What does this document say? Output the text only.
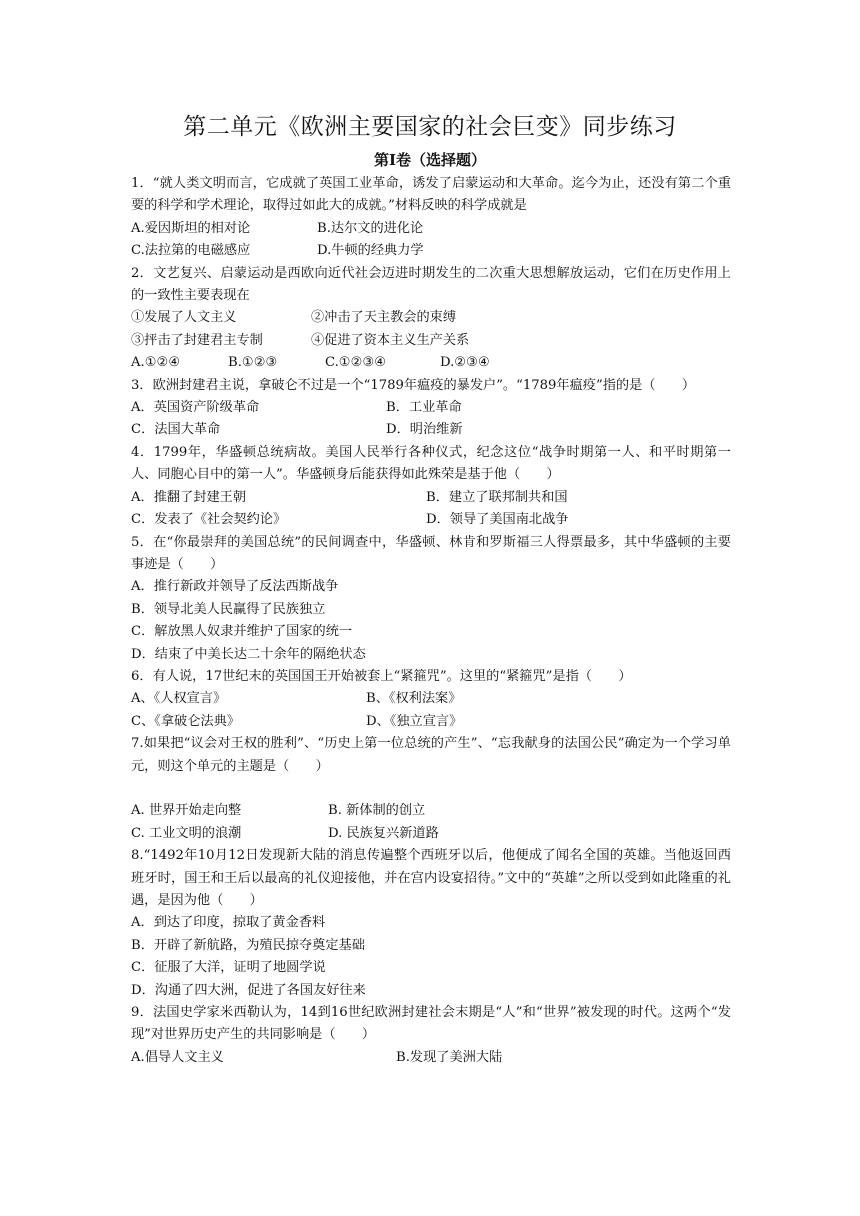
第二单元《欧洲主要国家的社会巨变》同步练习
第Ⅰ卷（选择题）

1．“就人类文明而言，它成就了英国工业革命，诱发了启蒙运动和大革命。迄今为止，还没有第二个重要的科学和学术理论，取得过如此大的成就。”材料反映的科学成就是

A.爱因斯坦的相对论	B.达尔文的进化论
C.法拉第的电磁感应	D.牛顿的经典力学

2．文艺复兴、启蒙运动是西欧向近代社会迈进时期发生的二次重大思想解放运动，它们在历史作用上的一致性主要表现在

①发展了人文主义	②冲击了天主教会的束缚
③抨击了封建君主专制	④促进了资本主义生产关系
A.①②④	B.①②③	C.①②③④	D.②③④

3．欧洲封建君主说，拿破仑不过是一个“1789年瘟疫的暴发户”。“1789年瘟疫”指的是（　　）

A．英国资产阶级革命	B．工业革命
C．法国大革命	D．明治维新

4．1799年，华盛顿总统病故。美国人民举行各种仪式，纪念这位“战争时期第一人、和平时期第一人、同胞心目中的第一人”。华盛顿身后能获得如此殊荣是基于他（　　）

A．推翻了封建王朝	B．建立了联邦制共和国
C．发表了《社会契约论》	D．领导了美国南北战争

5．在“你最崇拜的美国总统”的民间调查中，华盛顿、林肯和罗斯福三人得票最多，其中华盛顿的主要事迹是（　　）

A．推行新政并领导了反法西斯战争
B．领导北美人民赢得了民族独立
C．解放黑人奴隶并维护了国家的统一
D．结束了中美长达二十余年的隔绝状态

6．有人说，17世纪末的英国国王开始被套上“紧箍咒”。这里的“紧箍咒”是指（　　）

A、《人权宣言》	B、《权利法案》
C、《拿破仑法典》	D、《独立宣言》

7.如果把“议会对王权的胜利”、“历史上第一位总统的产生”、“忘我献身的法国公民”确定为一个学习单元，则这个单元的主题是（　　）

A. 世界开始走向整	B. 新体制的创立
C. 工业文明的浪潮	D. 民族复兴新道路

8.“1492年10月12日发现新大陆的消息传遍整个西班牙以后，他便成了闻名全国的英雄。当他返回西班牙时，国王和王后以最高的礼仪迎接他，并在宫内设宴招待。”文中的“英雄”之所以受到如此隆重的礼遇，是因为他（　　）

A．到达了印度，掠取了黄金香料
B．开辟了新航路，为殖民掠夺奠定基础
C．征服了大洋，证明了地圆学说
D．沟通了四大洲，促进了各国友好往来

9．法国史学家米西勒认为，14到16世纪欧洲封建社会末期是“人”和“世界”被发现的时代。这两个“发现”对世界历史产生的共同影响是（　　）

A.倡导人文主义	B.发现了美洲大陆
